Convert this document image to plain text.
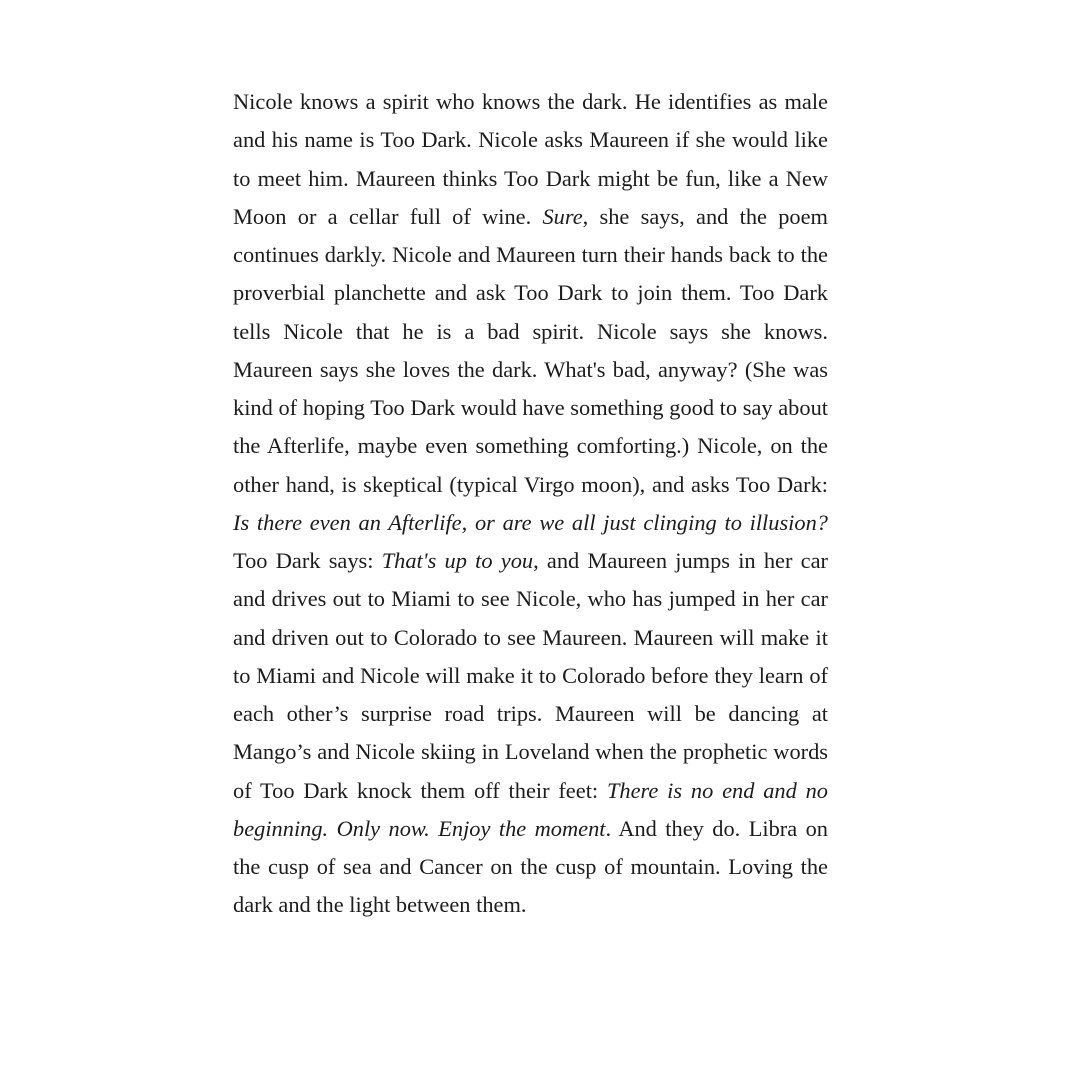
Nicole knows a spirit who knows the dark. He identifies as male and his name is Too Dark. Nicole asks Maureen if she would like to meet him. Maureen thinks Too Dark might be fun, like a New Moon or a cellar full of wine. Sure, she says, and the poem continues darkly. Nicole and Maureen turn their hands back to the proverbial planchette and ask Too Dark to join them. Too Dark tells Nicole that he is a bad spirit. Nicole says she knows. Maureen says she loves the dark. What's bad, anyway? (She was kind of hoping Too Dark would have something good to say about the Afterlife, maybe even something comforting.) Nicole, on the other hand, is skeptical (typical Virgo moon), and asks Too Dark: Is there even an Afterlife, or are we all just clinging to illusion? Too Dark says: That's up to you, and Maureen jumps in her car and drives out to Miami to see Nicole, who has jumped in her car and driven out to Colorado to see Maureen. Maureen will make it to Miami and Nicole will make it to Colorado before they learn of each other’s surprise road trips. Maureen will be dancing at Mango’s and Nicole skiing in Loveland when the prophetic words of Too Dark knock them off their feet: There is no end and no beginning. Only now. Enjoy the moment. And they do. Libra on the cusp of sea and Cancer on the cusp of mountain. Loving the dark and the light between them.
